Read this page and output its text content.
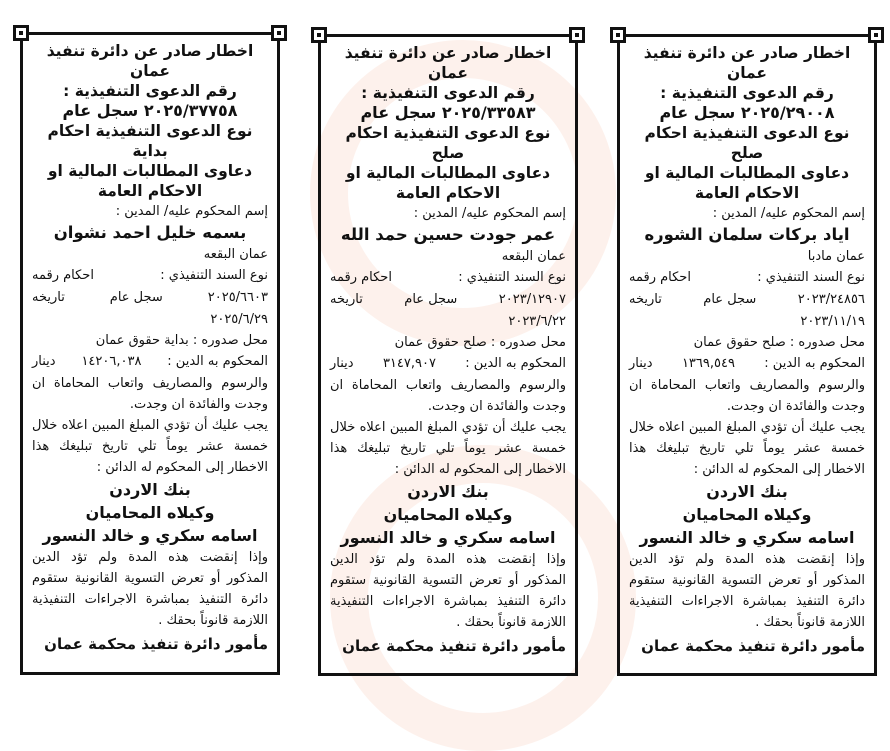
اخطار صادر عن دائرة تنفيذ
عمان
رقم الدعوى التنفيذية :
٢٠٢٥/٢٩٠٠٨ سجل عام
نوع الدعوى التنفيذية احكام صلح
دعاوى المطالبات المالية او الاحكام العامة
إسم المحكوم عليه/ المدين :
اياد بركات سلمان الشوره
عمان مادبا
نوع السند التنفيذي :
احكام رقمه
٢٠٢٣/٢٤٨٥٦
سجل عام
تاريخه
٢٠٢٣/١١/١٩
محل صدوره : صلح حقوق عمان
المحكوم به الدين :
١٣٦٩,٥٤٩
دينار
والرسوم والمصاريف واتعاب المحاماة ان وجدت والفائدة ان وجدت.
يجب عليك أن تؤدي المبلغ المبين اعلاه خلال خمسة عشر يوماً تلي تاريخ تبليغك هذا الاخطار إلى المحكوم له الدائن :
بنك الاردن
وكيلاه المحاميان
اسامه سكري و خالد النسور
وإذا إنقضت هذه المدة ولم تؤد الدين المذكور أو تعرض التسوية القانونية ستقوم دائرة التنفيذ بمباشرة الاجراءات التنفيذية اللازمة قانوناً بحقك .
مأمور دائرة تنفيذ محكمة عمان
اخطار صادر عن دائرة تنفيذ
عمان
رقم الدعوى التنفيذية :
٢٠٢٥/٣٣٥٨٣ سجل عام
نوع الدعوى التنفيذية احكام صلح
دعاوى المطالبات المالية او الاحكام العامة
إسم المحكوم عليه/ المدين :
عمر جودت حسين حمد الله
عمان البقعه
نوع السند التنفيذي :
احكام رقمه
٢٠٢٣/١٢٩٠٧
سجل عام
تاريخه
٢٠٢٣/٦/٢٢
محل صدوره : صلح حقوق عمان
المحكوم به الدين :
٣١٤٧,٩٠٧
دينار
والرسوم والمصاريف واتعاب المحاماة ان وجدت والفائدة ان وجدت.
يجب عليك أن تؤدي المبلغ المبين اعلاه خلال خمسة عشر يوماً تلي تاريخ تبليغك هذا الاخطار إلى المحكوم له الدائن :
بنك الاردن
وكيلاه المحاميان
اسامه سكري و خالد النسور
وإذا إنقضت هذه المدة ولم تؤد الدين المذكور أو تعرض التسوية القانونية ستقوم دائرة التنفيذ بمباشرة الاجراءات التنفيذية اللازمة قانوناً بحقك .
مأمور دائرة تنفيذ محكمة عمان
اخطار صادر عن دائرة تنفيذ
عمان
رقم الدعوى التنفيذية :
٢٠٢٥/٣٧٧٥٨ سجل عام
نوع الدعوى التنفيذية احكام بداية
دعاوى المطالبات المالية او الاحكام العامة
إسم المحكوم عليه/ المدين :
بسمه خليل احمد نشوان
عمان البقعه
نوع السند التنفيذي :
احكام رقمه
٢٠٢٥/٦٦٠٣
سجل عام
تاريخه
٢٠٢٥/٦/٢٩
محل صدوره : بداية حقوق عمان
المحكوم به الدين :
١٤٢٠٦,٠٣٨
دينار
والرسوم والمصاريف واتعاب المحاماة ان وجدت والفائدة ان وجدت.
يجب عليك أن تؤدي المبلغ المبين اعلاه خلال خمسة عشر يوماً تلي تاريخ تبليغك هذا الاخطار إلى المحكوم له الدائن :
بنك الاردن
وكيلاه المحاميان
اسامه سكري و خالد النسور
وإذا إنقضت هذه المدة ولم تؤد الدين المذكور أو تعرض التسوية القانونية ستقوم دائرة التنفيذ بمباشرة الاجراءات التنفيذية اللازمة قانوناً بحقك .
مأمور دائرة تنفيذ محكمة عمان
